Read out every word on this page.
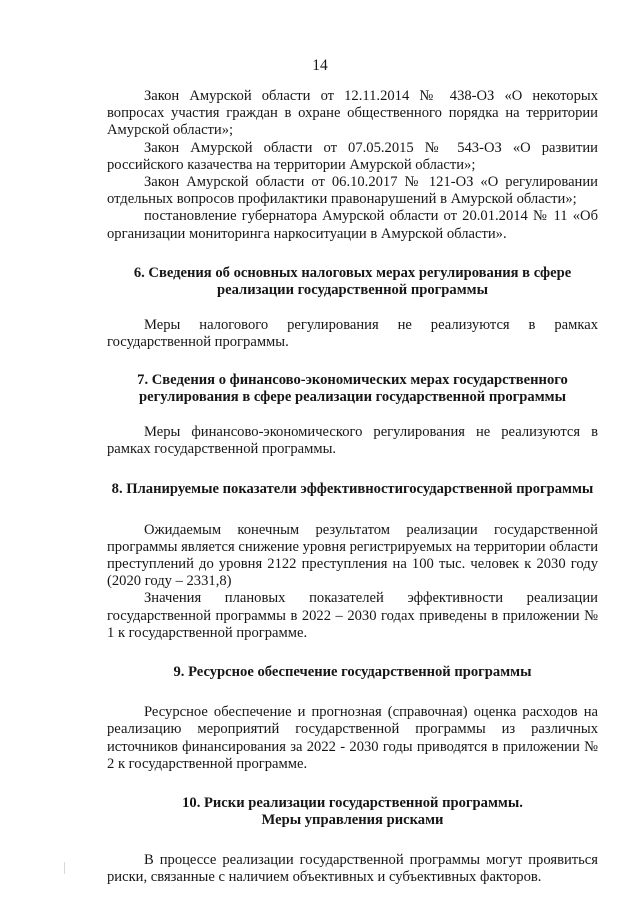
14

Закон Амурской области от 12.11.2014 № 438-ОЗ «О некоторых вопросах участия граждан в охране общественного порядка на территории Амурской области»;

Закон Амурской области от 07.05.2015 № 543-ОЗ «О развитии российского казачества на территории Амурской области»;

Закон Амурской области от 06.10.2017 № 121-ОЗ «О регулировании отдельных вопросов профилактики правонарушений в Амурской области»;

постановление губернатора Амурской области от 20.01.2014 № 11 «Об организации мониторинга наркоситуации в Амурской области».

6. Сведения об основных налоговых мерах регулирования в сфере реализации государственной программы

Меры налогового регулирования не реализуются в рамках государственной программы.

7. Сведения о финансово-экономических мерах государственного регулирования в сфере реализации государственной программы

Меры финансово-экономического регулирования не реализуются в рамках государственной программы.

8. Планируемые показатели эффективностигосударственной программы

Ожидаемым конечным результатом реализации государственной программы является снижение уровня регистрируемых на территории области преступлений до уровня 2122 преступления на 100 тыс. человек к 2030 году (2020 году – 2331,8)

Значения плановых показателей эффективности реализации государственной программы в 2022 – 2030 годах приведены в приложении № 1 к государственной программе.

9. Ресурсное обеспечение государственной программы

Ресурсное обеспечение и прогнозная (справочная) оценка расходов на реализацию мероприятий государственной программы из различных источников финансирования за 2022 - 2030 годы приводятся в приложении № 2 к государственной программе.

10. Риски реализации государственной программы.

Меры управления рисками

В процессе реализации государственной программы могут проявиться риски, связанные с наличием объективных и субъективных факторов.
